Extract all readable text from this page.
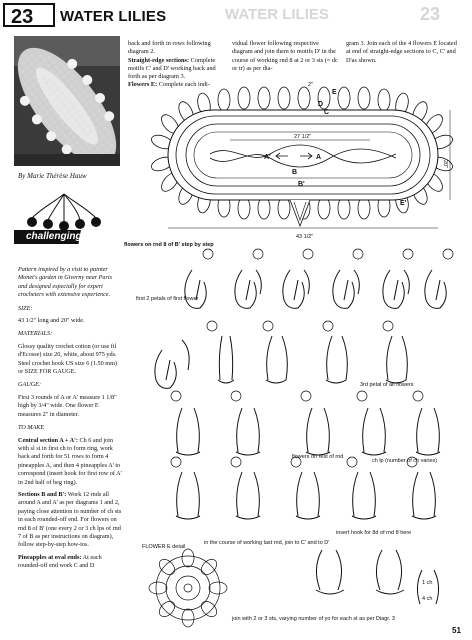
23 WATER LILIES	WATER LILIES	23
By Marie Thérèse Hauw
challenging

Pattern inspired by a visit to painter Monet's garden in Giverny near Paris and designed especially for expert crocheters with extensive experience.

SIZE:

43 1/2" long and 20" wide.

MATERIALS:

Glossy quality crochet cotton (or use fil d'Ecosse) size 20, white, about 975 yds. Steel crochet hook US size 6 (1.50 mm) or SIZE FOR GAUGE.

GAUGE:

First 3 rounds of A or A' measure 1 1/8" high by 3/4" wide. One flower E measures 2" in diameter.

TO MAKE

Central section A + A': Ch 6 and join with sl st in first ch to form ring, work back and forth for 51 rows to form 4 pineapples A, and then 4 pineapples A' to correspond (insert hook for first row of A' in 2nd half of beg ring).

Sections B and B': Work 12 rnds all around A and A' as per diagrams 1 and 2, paying close attention to number of ch sts in each rounded-off end. For flowers on rnd 8 of B' (one every 2 or 3 ch lps of rnd 7 of B as per instructions on diagram), follow step-by-step how-tos.

Pineapples at oval ends: At each rounded-off end work C and D

back and forth in rows following diagram 2.

Straight-edge sections: Complete motifs C' and D' working back and forth as per diagram 3.

Flowers E: Complete each indi-

vidual flower following respective diagram and join them to motifs D' in the course of working rnd 8 at 2 or 3 sts (= dc or tr) as per dia-

gram 3. Join each of the 4 flowers E located at end of straight-edge sections to C, C' and D'as shown.

A'	A
B
B'
C
D
E
E'
27 1/2"
43 1/2"
20"
2"
flowers on rnd 8 of B' step by step
first 2 petals of first flower
3rd petal of all flowers
flowers on rest of rnd
ch lp (number of ch varies)
insert hook for 8d of rnd 8 here
4 ch
1 ch
FLOWER E detail
in the course of working last rnd, join to C' and to D'
join with 2 or 3 sts, varying number of yo for each st as per Diagr. 3
51
